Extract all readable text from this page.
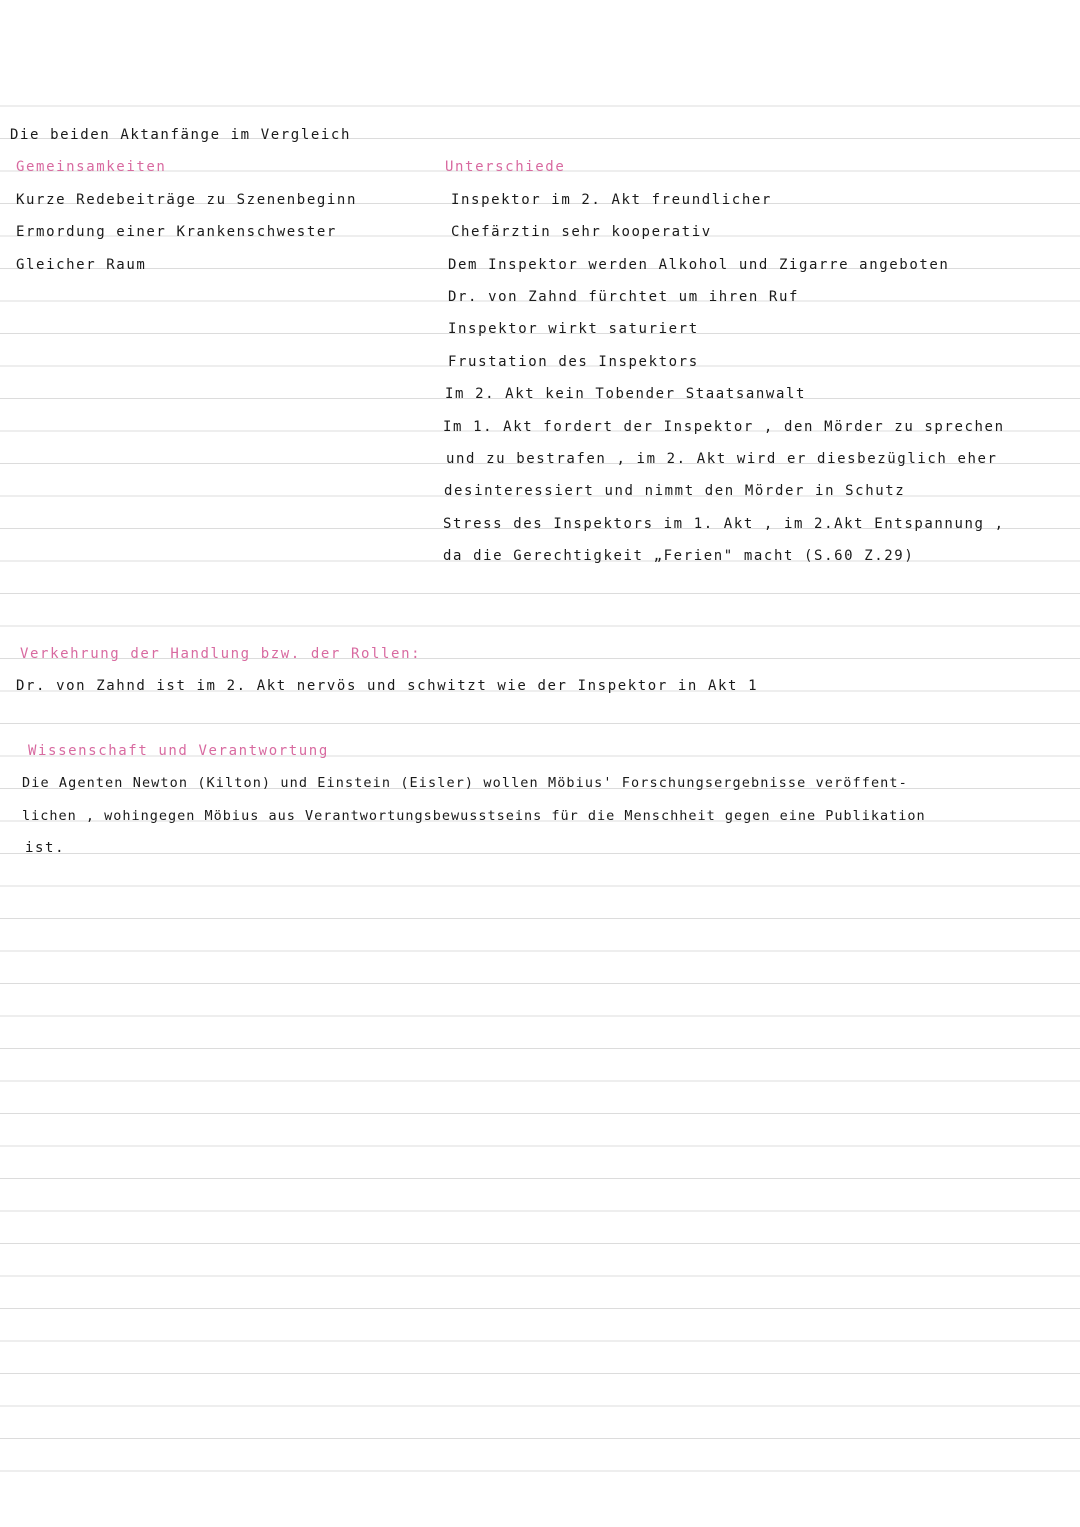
Die beiden Aktanfänge im Vergleich
Gemeinsamkeiten	Unterschiede
Kurze Redebeiträge zu Szenenbeginn
Ermordung einer Krankenschwester
Gleicher Raum
Inspektor im 2. Akt freundlicher
Chefärztin sehr kooperativ
Dem Inspektor werden Alkohol und Zigarre angeboten
Dr. von Zahnd fürchtet um ihren Ruf
Inspektor wirkt saturiert
Frustation des Inspektors
Im 2. Akt kein Tobender Staatsanwalt
Im 1. Akt fordert der Inspektor , den Mörder zu sprechen
und zu bestrafen , im 2. Akt wird er diesbezüglich eher
desinteressiert und nimmt den Mörder in Schutz
Stress des Inspektors im 1. Akt , im 2.Akt Entspannung ,
da die Gerechtigkeit „Ferien" macht (S.60 Z.29)
Verkehrung der Handlung bzw. der Rollen:
Dr. von Zahnd ist im 2. Akt nervös und schwitzt wie der Inspektor in Akt 1
Wissenschaft und Verantwortung
Die Agenten Newton (Kilton) und Einstein (Eisler) wollen Möbius' Forschungsergebnisse veröffent-
lichen , wohingegen Möbius aus Verantwortungsbewusstseins für die Menschheit gegen eine Publikation
ist.
